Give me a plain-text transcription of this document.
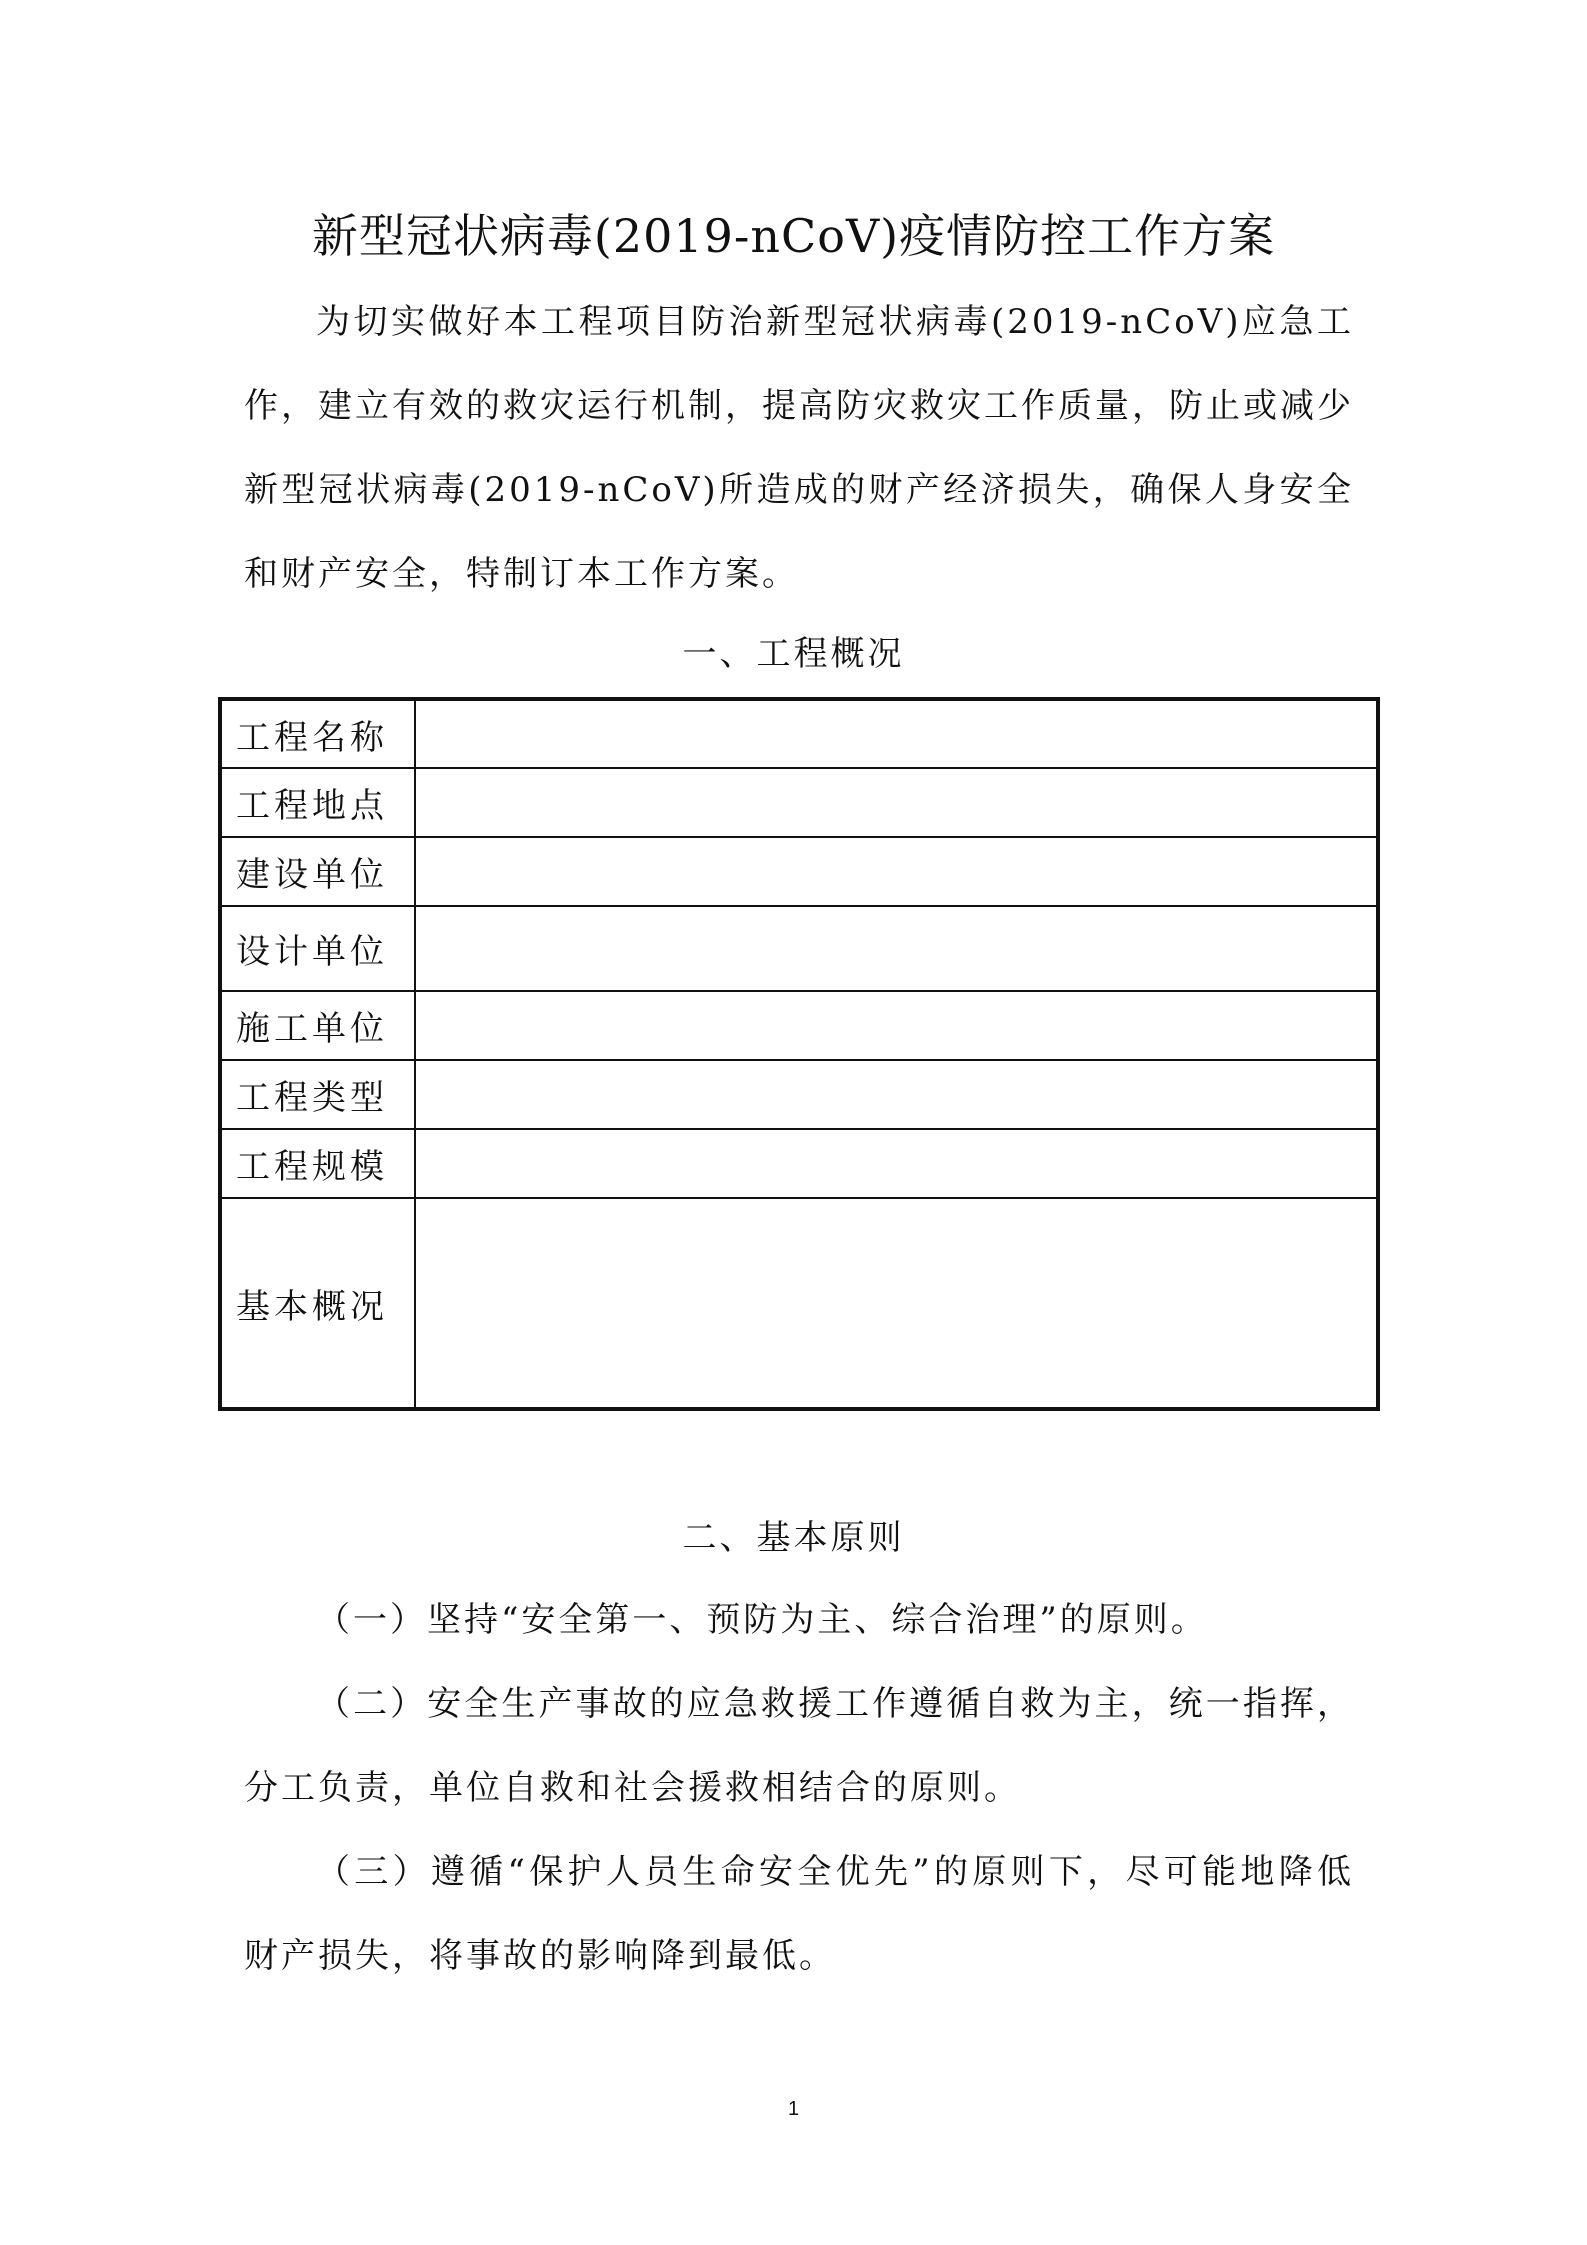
新型冠状病毒(2019-nCoV)疫情防控工作方案

为切实做好本工程项目防治新型冠状病毒(2019-nCoV)应急工作，建立有效的救灾运行机制，提高防灾救灾工作质量，防止或减少新型冠状病毒(2019-nCoV)所造成的财产经济损失，确保人身安全和财产安全，特制订本工作方案。

一、工程概况
工程名称	
工程地点	
建设单位	
设计单位	
施工单位	
工程类型	
工程规模	
基本概况	
二、基本原则

（一）坚持“安全第一、预防为主、综合治理”的原则。

（二）安全生产事故的应急救援工作遵循自救为主，统一指挥，分工负责，单位自救和社会援救相结合的原则。

（三）遵循“保护人员生命安全优先”的原则下，尽可能地降低财产损失，将事故的影响降到最低。

1
